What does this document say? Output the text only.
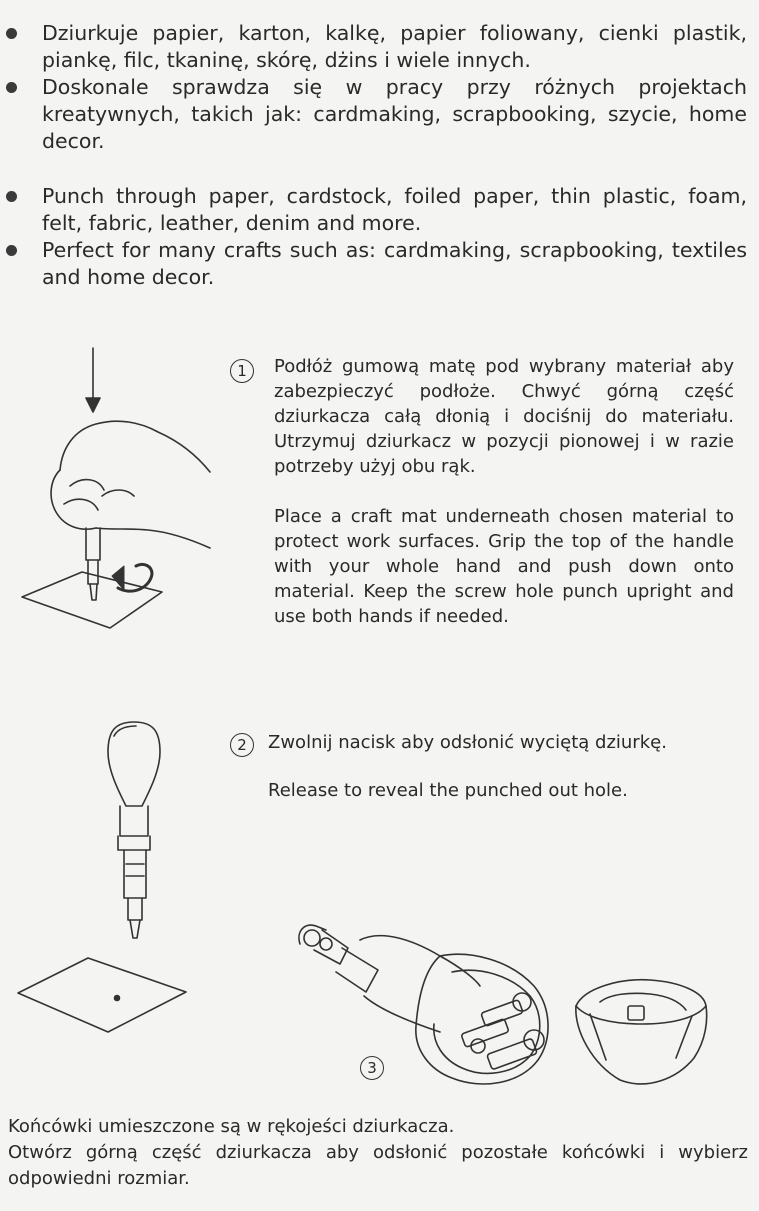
Dziurkuje papier, karton, kalkę, papier foliowany, cienki plastik, piankę, filc, tkaninę, skórę, dżins i wiele innych.
Doskonale sprawdza się w pracy przy różnych projektach kreatywnych, takich jak: cardmaking, scrapbooking, szycie, home decor.
Punch through paper, cardstock, foiled paper, thin plastic, foam, felt, fabric, leather, denim and more.
Perfect for many crafts such as: cardmaking, scrapbooking, textiles and home decor.
1	Podłóż gumową matę pod wybrany materiał aby zabezpieczyć podłoże. Chwyć górną część dziurkacza całą dłonią i dociśnij do materiału. Utrzymuj dziurkacz w pozycji pionowej i w razie potrzeby użyj obu rąk.

Place a craft mat underneath chosen material to protect work surfaces. Grip the top of the handle with your whole hand and push down onto material. Keep the screw hole punch upright and use both hands if needed.

2	Zwolnij nacisk aby odsłonić wyciętą dziurkę.

Release to reveal the punched out hole.

3

Końcówki umieszczone są w rękojeści dziurkacza.

Otwórz górną część dziurkacza aby odsłonić pozostałe końcówki i wybierz odpowiedni rozmiar.
